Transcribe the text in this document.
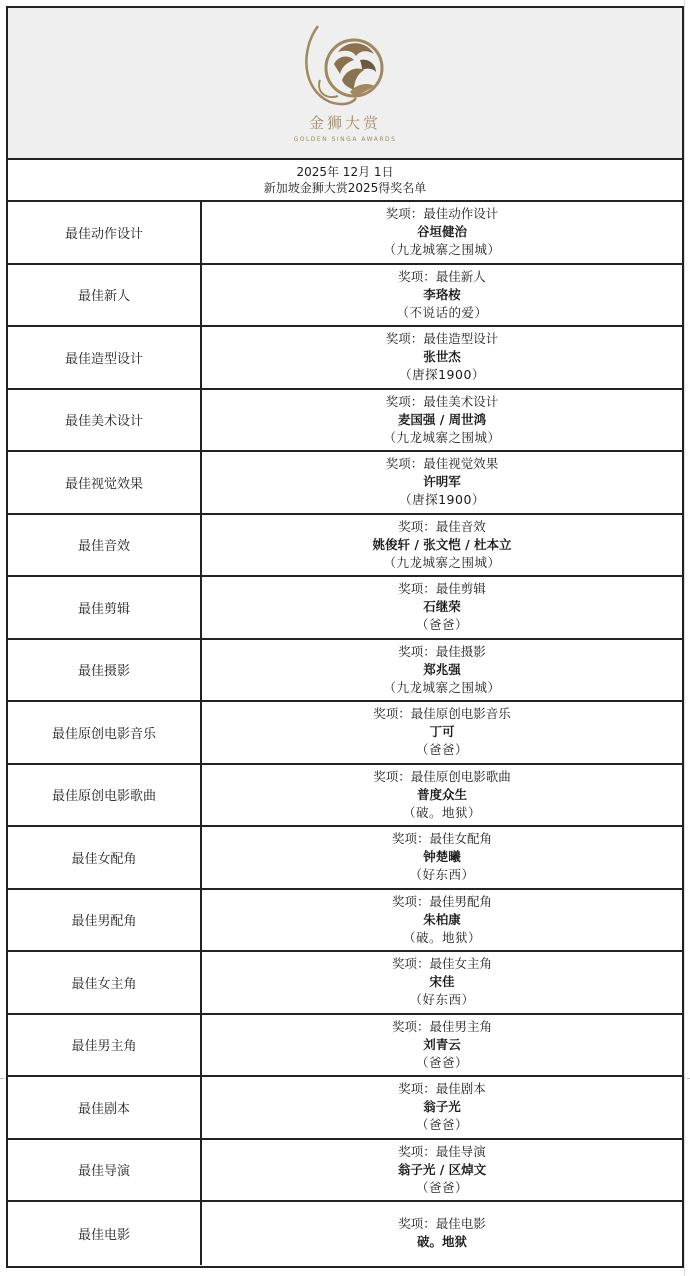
金狮大赏
GOLDEN SINGA AWARDS
2025年 12月 1日
新加坡金狮大赏2025得奖名单
最佳动作设计
奖项：最佳动作设计
谷垣健治
（九龙城寨之围城）
最佳新人
奖项：最佳新人
李珞桉
（不说话的爱）
最佳造型设计
奖项：最佳造型设计
张世杰
（唐探1900）
最佳美术设计
奖项：最佳美术设计
麦国强 / 周世鸿
（九龙城寨之围城）
最佳视觉效果
奖项：最佳视觉效果
许明军
（唐探1900）
最佳音效
奖项：最佳音效
姚俊轩 / 张文恺 / 杜本立
（九龙城寨之围城）
最佳剪辑
奖项：最佳剪辑
石继荣
（爸爸）
最佳摄影
奖项：最佳摄影
郑兆强
（九龙城寨之围城）
最佳原创电影音乐
奖项：最佳原创电影音乐
丁可
（爸爸）
最佳原创电影歌曲
奖项：最佳原创电影歌曲
普度众生
（破。地狱）
最佳女配角
奖项：最佳女配角
钟楚曦
（好东西）
最佳男配角
奖项：最佳男配角
朱柏康
（破。地狱）
最佳女主角
奖项：最佳女主角
宋佳
（好东西）
最佳男主角
奖项：最佳男主角
刘青云
（爸爸）
最佳剧本
奖项：最佳剧本
翁子光
（爸爸）
最佳导演
奖项：最佳导演
翁子光 / 区焯文
（爸爸）
最佳电影
奖项：最佳电影
破。地狱
